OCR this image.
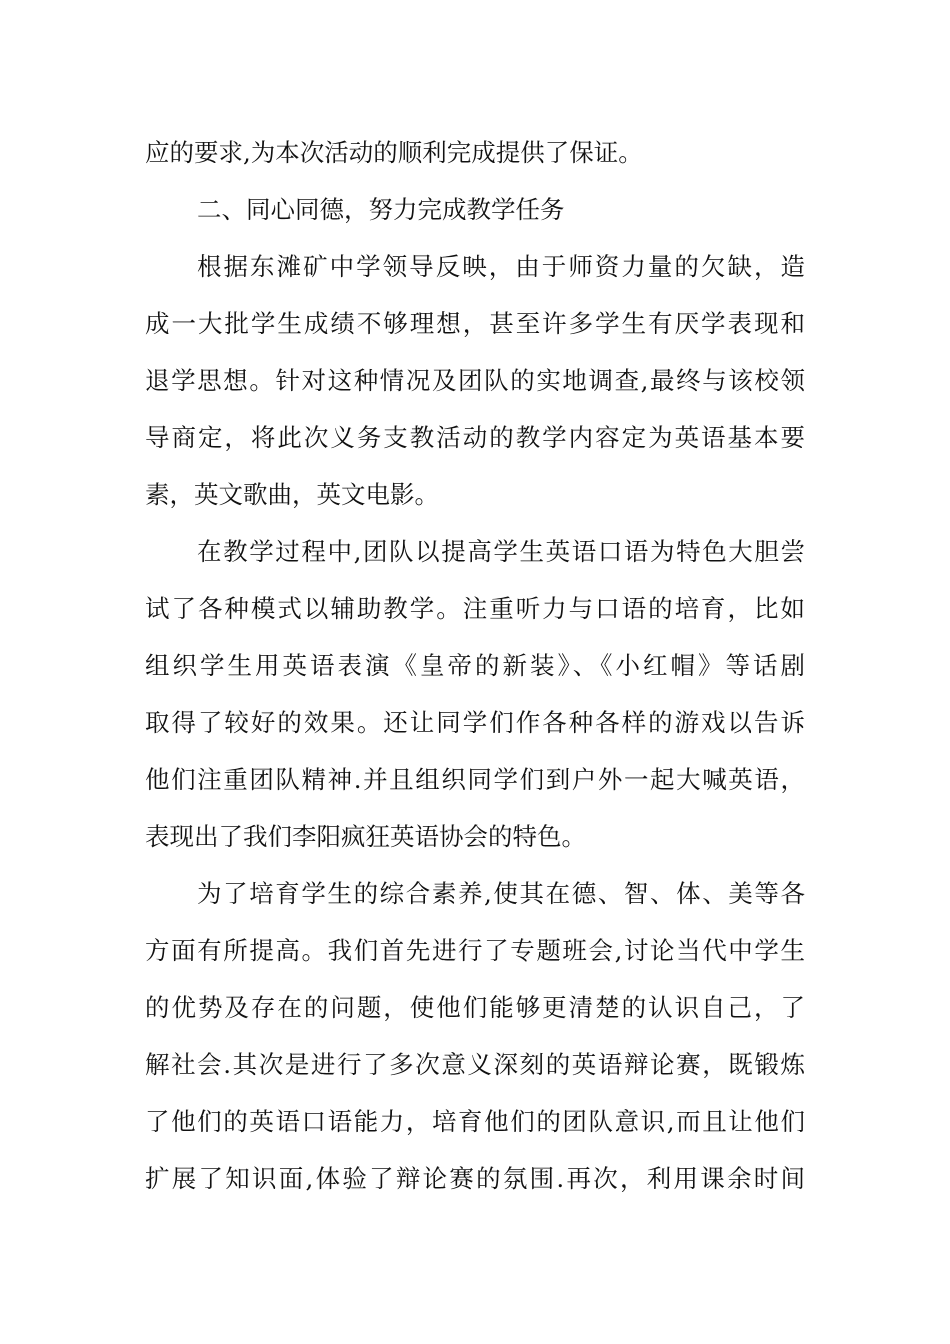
应的要求,为本次活动的顺利完成提供了保证。
二、同心同德，努力完成教学任务
根据东滩矿中学领导反映，由于师资力量的欠缺，造
成一大批学生成绩不够理想，甚至许多学生有厌学表现和
退学思想。针对这种情况及团队的实地调查,最终与该校领
导商定，将此次义务支教活动的教学内容定为英语基本要
素，英文歌曲，英文电影。
在教学过程中,团队以提高学生英语口语为特色大胆尝
试了各种模式以辅助教学。注重听力与口语的培育，比如
组织学生用英语表演《皇帝的新装》、《小红帽》等话剧
取得了较好的效果。还让同学们作各种各样的游戏以告诉
他们注重团队精神.并且组织同学们到户外一起大喊英语，
表现出了我们李阳疯狂英语协会的特色。
为了培育学生的综合素养,使其在德、智、体、美等各
方面有所提高。我们首先进行了专题班会,讨论当代中学生
的优势及存在的问题，使他们能够更清楚的认识自己，了
解社会.其次是进行了多次意义深刻的英语辩论赛，既锻炼
了他们的英语口语能力，培育他们的团队意识,而且让他们
扩展了知识面,体验了辩论赛的氛围.再次，利用课余时间
